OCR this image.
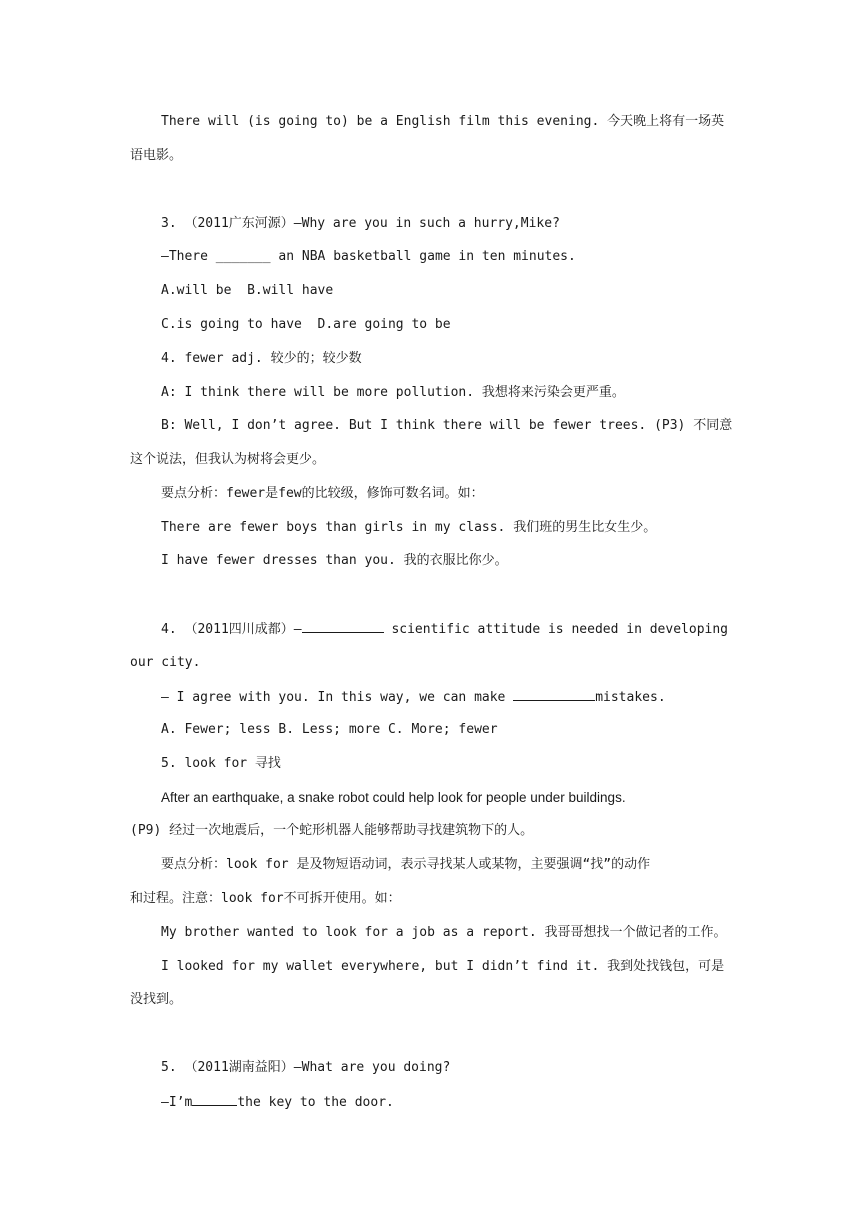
There will (is going to) be a English film this evening. 今天晚上将有一场英
语电影。
3. （2011广东河源）—Why are you in such a hurry,Mike?
—There _______ an NBA basketball game in ten minutes.
A.will be  B.will have
C.is going to have  D.are going to be
4. fewer adj. 较少的；较少数
A: I think there will be more pollution. 我想将来污染会更严重。
B: Well, I don’t agree. But I think there will be fewer trees. (P3) 不同意
这个说法，但我认为树将会更少。
要点分析：fewer是few的比较级，修饰可数名词。如：
There are fewer boys than girls in my class. 我们班的男生比女生少。
I have fewer dresses than you. 我的衣服比你少。
4. （2011四川成都）—	scientific attitude is needed in developing
our city.
— I agree with you. In this way, we can make	mistakes.
A. Fewer; less B. Less; more C. More; fewer
5. look for 寻找
After an earthquake, a snake robot could help look for people under buildings.
(P9) 经过一次地震后，一个蛇形机器人能够帮助寻找建筑物下的人。
要点分析：look for 是及物短语动词，表示寻找某人或某物，主要强调“找”的动作
和过程。注意：look for不可拆开使用。如：
My brother wanted to look for a job as a report. 我哥哥想找一个做记者的工作。
I looked for my wallet everywhere, but I didn’t find it. 我到处找钱包，可是
没找到。
5. （2011湖南益阳）—What are you doing?
—I’m	the key to the door.
